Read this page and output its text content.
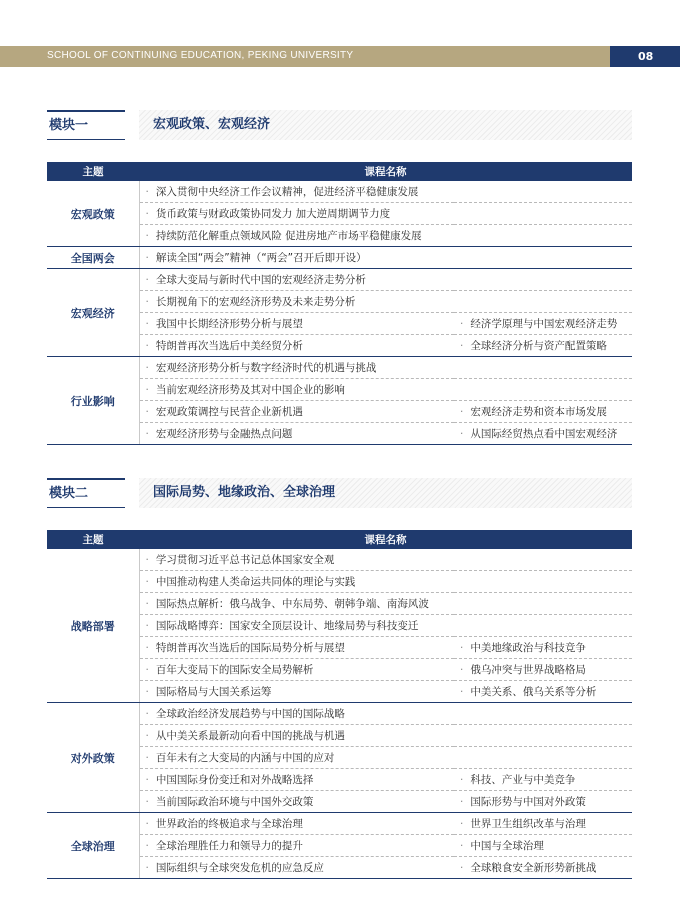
SCHOOL OF CONTINUING EDUCATION, PEKING UNIVERSITY	08
模块一	宏观政策、宏观经济
主题	课程名称	
宏观政策	· 深入贯彻中央经济工作会议精神，促进经济平稳健康发展	
	· 货币政策与财政政策协同发力 加大逆周期调节力度	
	· 持续防范化解重点领域风险 促进房地产市场平稳健康发展	
全国两会	· 解读全国“两会”精神（“两会”召开后即开设）	
宏观经济	· 全球大变局与新时代中国的宏观经济走势分析	
	· 长期视角下的宏观经济形势及未来走势分析	
	· 我国中长期经济形势分析与展望	· 经济学原理与中国宏观经济走势
	· 特朗普再次当选后中美经贸分析	· 全球经济分析与资产配置策略
行业影响	· 宏观经济形势分析与数字经济时代的机遇与挑战	
	· 当前宏观经济形势及其对中国企业的影响	
	· 宏观政策调控与民营企业新机遇	· 宏观经济走势和资本市场发展
	· 宏观经济形势与金融热点问题	· 从国际经贸热点看中国宏观经济
模块二	国际局势、地缘政治、全球治理
主题	课程名称	
战略部署	· 学习贯彻习近平总书记总体国家安全观	
	· 中国推动构建人类命运共同体的理论与实践	
	· 国际热点解析：俄乌战争、中东局势、朝韩争端、南海风波	
	· 国际战略博弈：国家安全顶层设计、地缘局势与科技变迁	
	· 特朗普再次当选后的国际局势分析与展望	· 中美地缘政治与科技竞争
	· 百年大变局下的国际安全局势解析	· 俄乌冲突与世界战略格局
	· 国际格局与大国关系运筹	· 中美关系、俄乌关系等分析
对外政策	· 全球政治经济发展趋势与中国的国际战略	
	· 从中美关系最新动向看中国的挑战与机遇	
	· 百年未有之大变局的内涵与中国的应对	
	· 中国国际身份变迁和对外战略选择	· 科技、产业与中美竞争
	· 当前国际政治环境与中国外交政策	· 国际形势与中国对外政策
全球治理	· 世界政治的终极追求与全球治理	· 世界卫生组织改革与治理
	· 全球治理胜任力和领导力的提升	· 中国与全球治理
	· 国际组织与全球突发危机的应急反应	· 全球粮食安全新形势新挑战
